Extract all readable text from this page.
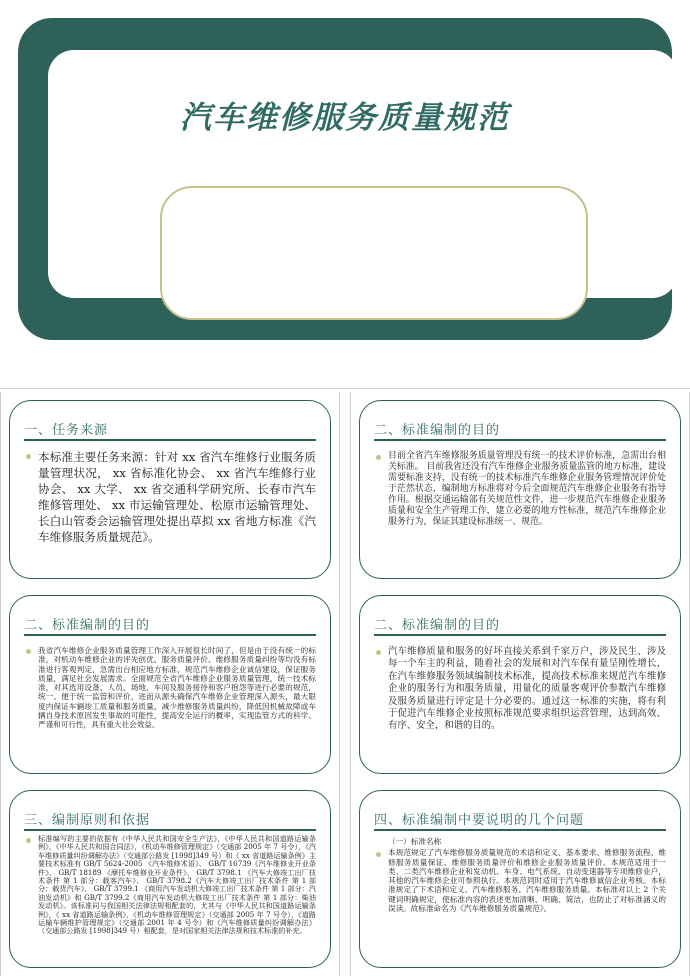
汽车维修服务质量规范
一、任务来源

本标准主要任务来源：针对 xx 省汽车维修行业服务质量管理状况， xx 省标准化协会、 xx 省汽车维修行业协会、 xx 大学、 xx 省交通科学研究所、长春市汽车维修管理处、 xx 市运输管理处、松原市运输管理处、长白山管委会运输管理处提出草拟 xx 省地方标准《汽车维修服务质量规范》。

二、标准编制的目的

目前全省汽车维修服务质量管理没有统一的技术评价标准，急需出台相关标准。 目前我省还没有汽车维修企业服务质量监管的地方标准，建设需要标准支持，没有统一的技术标准汽车维修企业服务管理情况评价处于茫然状态，编制地方标准将对今后全面规范汽车维修企业服务有指导作用。根据交通运输部有关规范性文件，进一步规范汽车维修企业服务质量和安全生产管理工作，建立必要的地方性标准，规范汽车维修企业服务行为，保证其建设标准统一、规范。

二、标准编制的目的

我省汽车维修企业服务质量管理工作深入开展很长时间了，但是由于没有统一的标准，对机动车维修企业的评先创优、服务质量评价、维修服务质量纠纷等均没有标准进行客观判定，急需出台相应地方标准，规范汽车维修企业诚信建设，保证服务质量，满足社会发展需求。全面规范全省汽车维修企业服务质量管理，统一技术标准，对其选用设备、人员、场地、车间及服务接待和客户抱怨等进行必要的规范，统一、便于统一监管和评价，进而从源头确保汽车维修企业管理深入源头，最大限度内保证车辆竣工质量和服务质量，减少维修服务质量纠纷，降低因机械故障或车辆自身技术原因发生事故的可能性，提高安全运行的概率，实现监管方式的科学、严谨和可行性，具有重大社会效益。

二、标准编制的目的

汽车维修质量和服务的好坏直接关系到千家万户，涉及民生、涉及每一个车主的利益，随着社会的发展和对汽车保有量呈刚性增长，在汽车维修服务领域编制技术标准，提高技术标准来规范汽车维修企业的服务行为和服务质量，用量化的质量客观评价参数汽车维修及服务质量进行评定是十分必要的。通过这一标准的实施，将有利于促进汽车维修企业按照标准规范要求组织运营管理，达到高效、有序、安全，和谐的目的。

三、编制原则和依据

标准编写的主要的依据有《中华人民共和国安全生产法》，《中华人民共和国道路运输条例》，《中华人民共和国合同法》，《机动车维修管理规定》（交通部 2005 年 7 号令），《汽车维修质量纠纷调解办法》（交通部公路发 [1998]349 号）和《 xx 省道路运输条例》主要技术标准有 GB/T 5624-2005 《汽车维修术语》、 GB/T 16739《汽车维修业开业条件》、 GB/T 18189 《摩托车维修业开业条件》、 GB/T 3798.1 《汽车大修竣工出厂技术条件 第 1 部分：载客汽车》、 GB/T 3798.2《汽车大修竣工出厂技术条件 第 1 部分：载货汽车》、 GB/T 3799.1 《商用汽车发动机大修竣工出厂技术条件 第 1 部分：汽油发动机》和 GB/T 3799.2《商用汽车发动机大修竣工出厂技术条件 第 1 部分：柴油发动机》。该标准同与我国相关法律法规相配套的，尤其与《中华人民共和国道路运输条例》，《 xx 省道路运输条例》，《机动车维修管理规定》（交通部 2005 年 7 号令），《道路运输车辆维护管理规定》（交通部 2001 年 4 号令）和《汽车维修质量纠纷调解办法》（交通部公路发 [1998]349 号）相配套，是对国家相关法律法规和技术标准的补充。

四、标准编制中要说明的几个问题
（一）标准名称

本规范规定了汽车维修服务质量规范的术语和定义、基本要求、维修服务流程、维修服务质量保证、维修服务质量评价和维修企业服务质量评价。本规范适用于一类、二类汽车维修企业和发动机、车身、电气系统、自动变速器等专项维修业户，其他的汽车维修企业可参照执行。本规范同时适用于汽车维修诚信企业考核。本标准规定了下术语和定义、汽车维修服务、汽车维修服务质量。本标准对以上 2 个关键词明确规定，使标准内容的表述更加清晰、明确、简洁，也防止了对标准涵义的误读。故标准命名为《汽车维修服务质量规范》。
